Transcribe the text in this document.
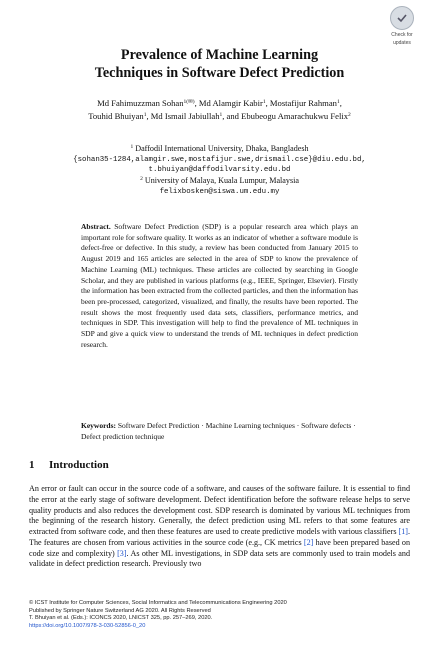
Check for
updates
Prevalence of Machine Learning
Techniques in Software Defect Prediction
Md Fahimuzzman Sohan$^{1(✉)}$, Md Alamgir Kabir$^1$, Mostafijur Rahman$^1$,
Touhid Bhuiyan$^1$, Md Ismail Jabiullah$^1$, and Ebubeogu Amarachukwu Felix$^2$
$^1$ Daffodil International University, Dhaka, Bangladesh
{sohan35-1284,alamgir.swe,mostafijur.swe,drismail.cse}@diu.edu.bd,
t.bhuiyan@daffodilvarsity.edu.bd
$^2$ University of Malaya, Kuala Lumpur, Malaysia
felixbosken@siswa.um.edu.my
Abstract. Software Defect Prediction (SDP) is a popular research area which plays an important role for software quality. It works as an indicator of whether a software module is defect-free or defective. In this study, a review has been conducted from January 2015 to August 2019 and 165 articles are selected in the area of SDP to know the prevalence of Machine Learning (ML) techniques. These articles are collected by searching in Google Scholar, and they are published in various platforms (e.g., IEEE, Springer, Elsevier). Firstly the information has been extracted from the collected particles, and then the information has been pre-processed, categorized, visualized, and finally, the results have been reported. The result shows the most frequently used data sets, classifiers, performance metrics, and techniques in SDP. This investigation will help to find the prevalence of ML techniques in SDP and give a quick view to understand the trends of ML techniques in defect prediction research.
Keywords: Software Defect Prediction · Machine Learning techniques · Software defects · Defect prediction technique
1 Introduction
An error or fault can occur in the source code of a software, and causes of the software failure. It is essential to find the error at the early stage of software development. Defect identification before the software release helps to serve quality products and also reduces the development cost. SDP research is dominated by various ML techniques from the beginning of the research history. Generally, the defect prediction using ML refers to that some features are extracted from software code, and then these features are used to create predictive models with various classifiers [1]. The features are chosen from various activities in the source code (e.g., CK metrics [2] have been prepared based on code size and complexity) [3]. As other ML investigations, in SDP data sets are commonly used to train models and validate in defect prediction research. Previously two
© ICST Institute for Computer Sciences, Social Informatics and Telecommunications Engineering 2020
Published by Springer Nature Switzerland AG 2020. All Rights Reserved
T. Bhuiyan et al. (Eds.): ICONCS 2020, LNICST 325, pp. 257–269, 2020.
https://doi.org/10.1007/978-3-030-52856-0_20
